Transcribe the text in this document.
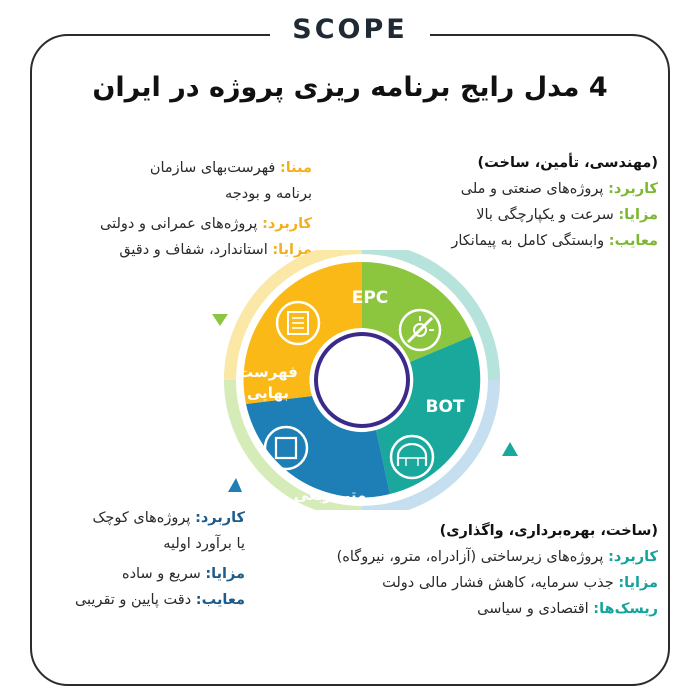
SCOPE
4 مدل رایج برنامه ریزی پروژه در ایران
(مهندسی، تأمین، ساخت)
کاربرد: پروژه‌های صنعتی و ملی
مزایا: سرعت و یکپارچگی بالا
معایب: وابستگی کامل به پیمانکار
مبنا: فهرست‌بهای سازمان
برنامه و بودجه
کاربرد: پروژه‌های عمرانی و دولتی
مزایا: استاندارد، شفاف و دقیق
کاربرد: پروژه‌های کوچک
یا برآورد اولیه
مزایا: سریع و ساده
معایب: دقت پایین و تقریبی
(ساخت، بهره‌برداری، واگذاری)
کاربرد: پروژه‌های زیرساختی (آزادراه، مترو، نیروگاه)
مزایا: جذب سرمایه، کاهش فشار مالی دولت
ریسک‌ها: اقتصادی و سیاسی
EPC
BOT
مترمربعی
فهرست
بهایی
